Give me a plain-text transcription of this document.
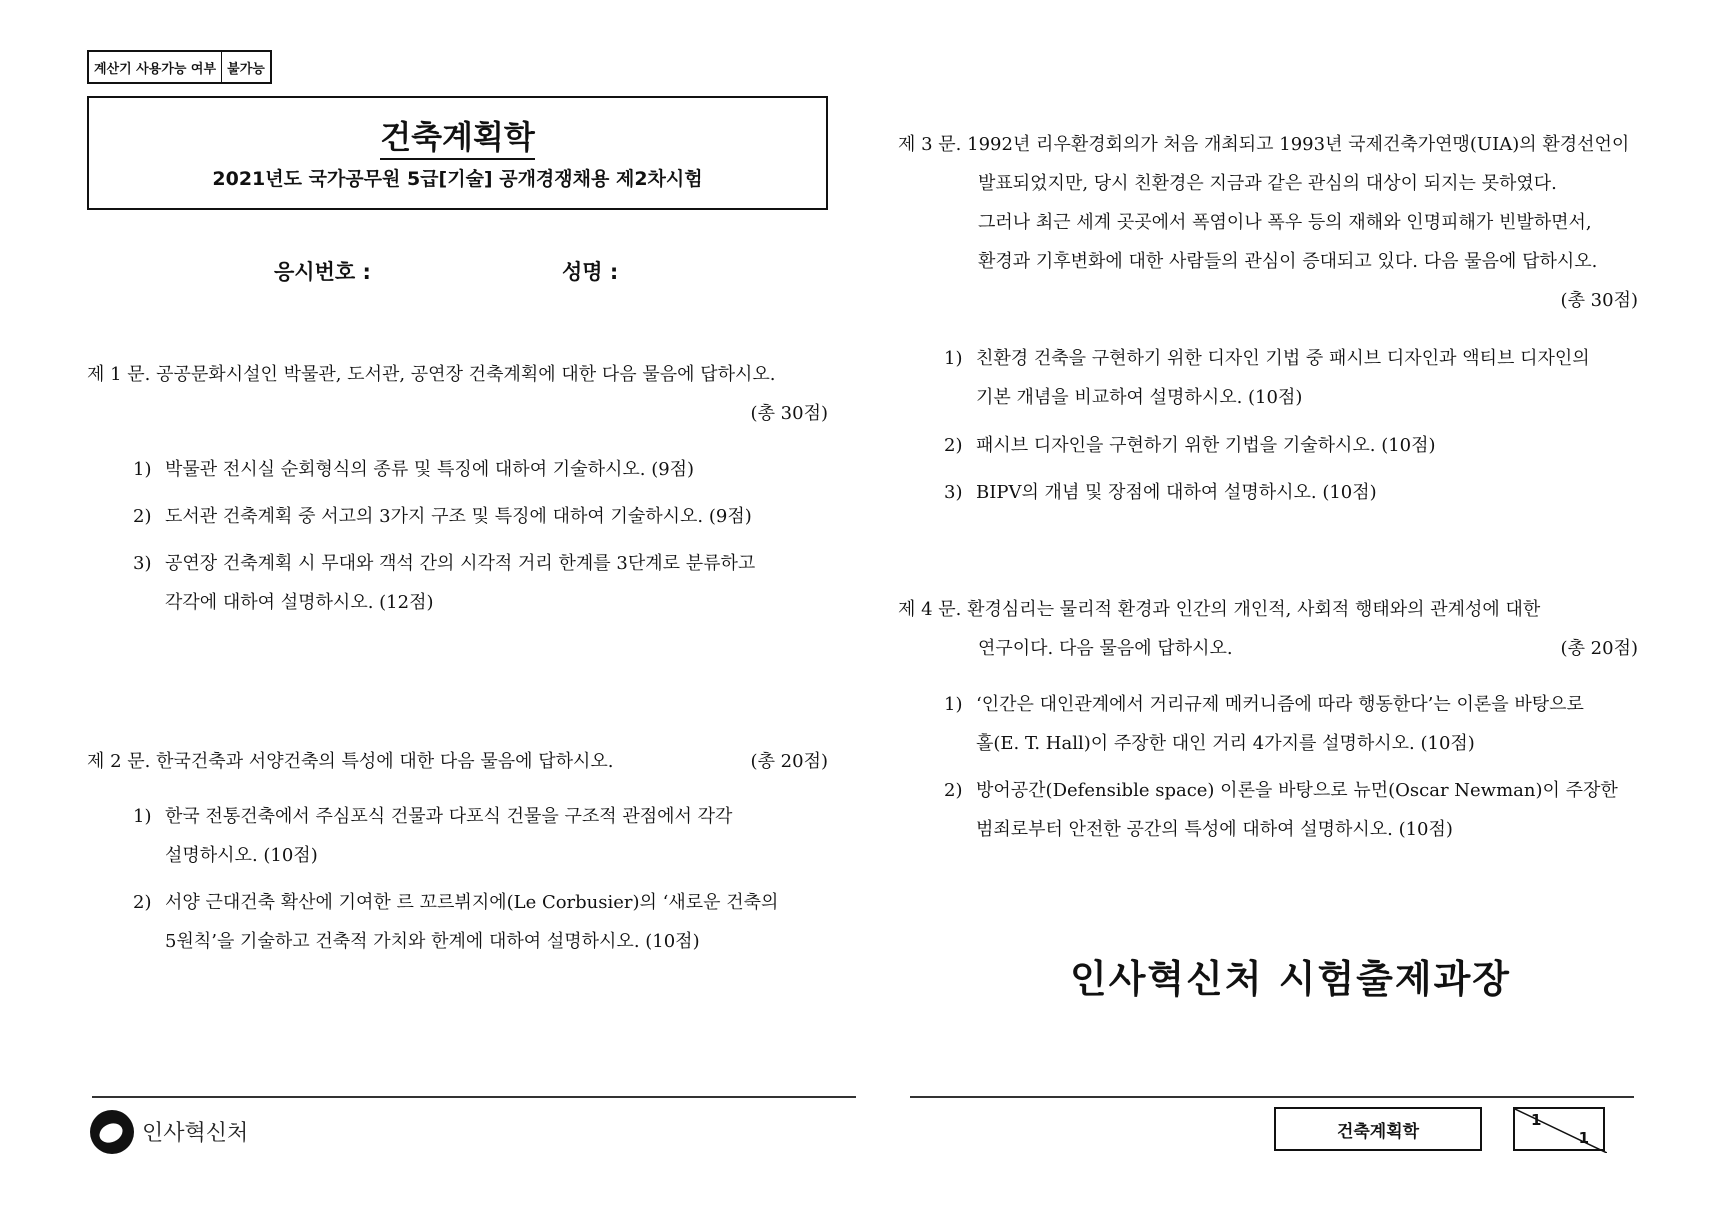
계산기 사용가능 여부 불가능
건축계획학
2021년도 국가공무원 5급[기술] 공개경쟁채용 제2차시험
응시번호 :	성명 :
제 1 문. 공공문화시설인 박물관, 도서관, 공연장 건축계획에 대한 다음 물음에 답하시오.
(총 30점)
1) 박물관 전시실 순회형식의 종류 및 특징에 대하여 기술하시오. (9점)
2) 도서관 건축계획 중 서고의 3가지 구조 및 특징에 대하여 기술하시오. (9점)
3) 공연장 건축계획 시 무대와 객석 간의 시각적 거리 한계를 3단계로 분류하고
각각에 대하여 설명하시오. (12점)
제 2 문. 한국건축과 서양건축의 특성에 대한 다음 물음에 답하시오.	(총 20점)
1) 한국 전통건축에서 주심포식 건물과 다포식 건물을 구조적 관점에서 각각
설명하시오. (10점)
2) 서양 근대건축 확산에 기여한 르 꼬르뷔지에(Le Corbusier)의 ‘새로운 건축의
5원칙’을 기술하고 건축적 가치와 한계에 대하여 설명하시오. (10점)
제 3 문. 1992년 리우환경회의가 처음 개최되고 1993년 국제건축가연맹(UIA)의 환경선언이
발표되었지만, 당시 친환경은 지금과 같은 관심의 대상이 되지는 못하였다.
그러나 최근 세계 곳곳에서 폭염이나 폭우 등의 재해와 인명피해가 빈발하면서,
환경과 기후변화에 대한 사람들의 관심이 증대되고 있다. 다음 물음에 답하시오.
(총 30점)
1) 친환경 건축을 구현하기 위한 디자인 기법 중 패시브 디자인과 액티브 디자인의
기본 개념을 비교하여 설명하시오. (10점)
2) 패시브 디자인을 구현하기 위한 기법을 기술하시오. (10점)
3) BIPV의 개념 및 장점에 대하여 설명하시오. (10점)
제 4 문. 환경심리는 물리적 환경과 인간의 개인적, 사회적 행태와의 관계성에 대한
연구이다. 다음 물음에 답하시오.	(총 20점)
1) ‘인간은 대인관계에서 거리규제 메커니즘에 따라 행동한다’는 이론을 바탕으로
홀(E. T. Hall)이 주장한 대인 거리 4가지를 설명하시오. (10점)
2) 방어공간(Defensible space) 이론을 바탕으로 뉴먼(Oscar Newman)이 주장한
범죄로부터 안전한 공간의 특성에 대하여 설명하시오. (10점)
인사혁신처 시험출제과장
인사혁신처	건축계획학
1
1
